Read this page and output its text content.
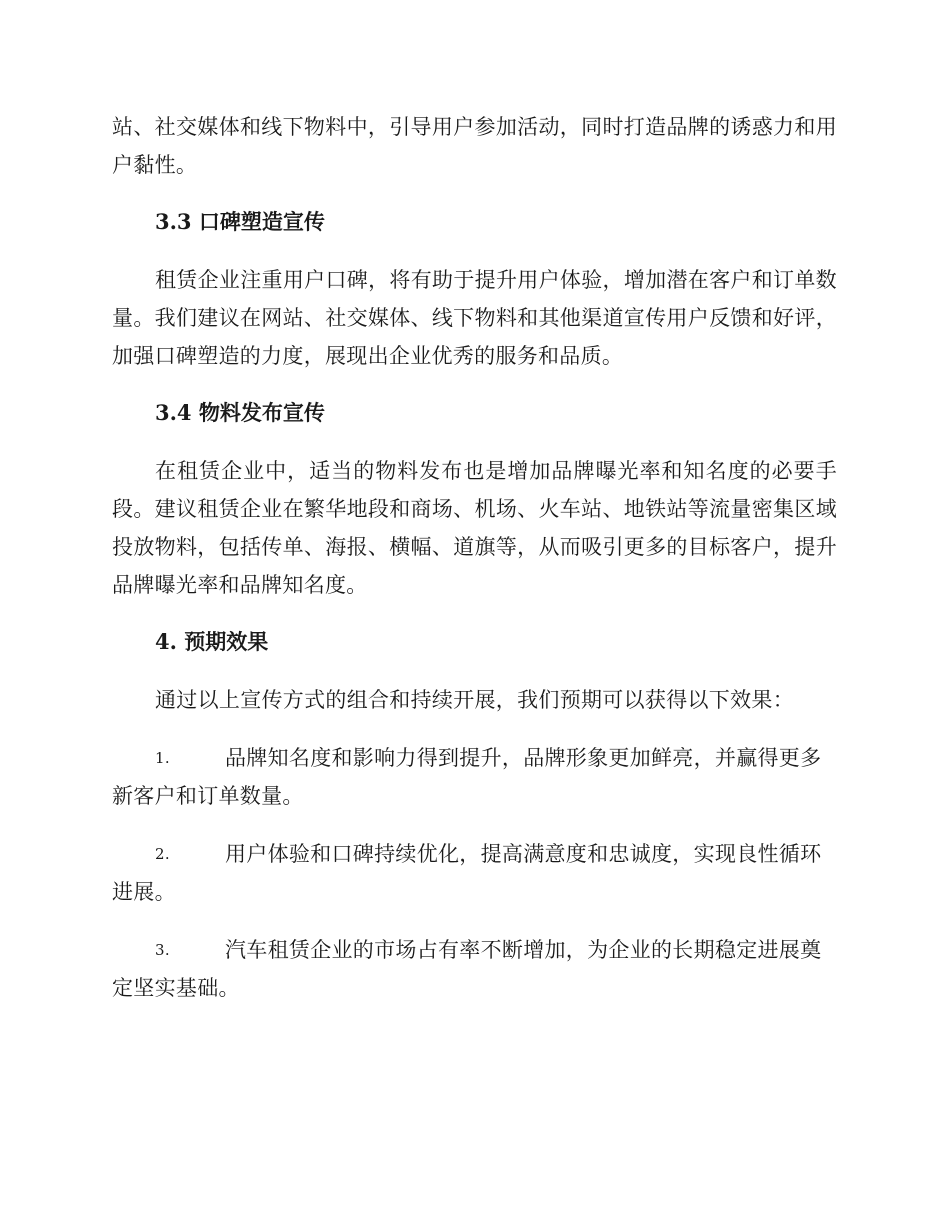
站、社交媒体和线下物料中，引导用户参加活动，同时打造品牌的诱惑力和用户黏性。

3.3 口碑塑造宣传

租赁企业注重用户口碑，将有助于提升用户体验，增加潜在客户和订单数量。我们建议在网站、社交媒体、线下物料和其他渠道宣传用户反馈和好评，加强口碑塑造的力度，展现出企业优秀的服务和品质。

3.4 物料发布宣传

在租赁企业中，适当的物料发布也是增加品牌曝光率和知名度的必要手段。建议租赁企业在繁华地段和商场、机场、火车站、地铁站等流量密集区域投放物料，包括传单、海报、横幅、道旗等，从而吸引更多的目标客户，提升品牌曝光率和品牌知名度。

4. 预期效果

通过以上宣传方式的组合和持续开展，我们预期可以获得以下效果：

1.	品牌知名度和影响力得到提升，品牌形象更加鲜亮，并赢得更多
新客户和订单数量。

2.	用户体验和口碑持续优化，提高满意度和忠诚度，实现良性循环
进展。

3.	汽车租赁企业的市场占有率不断增加，为企业的长期稳定进展奠
定坚实基础。
